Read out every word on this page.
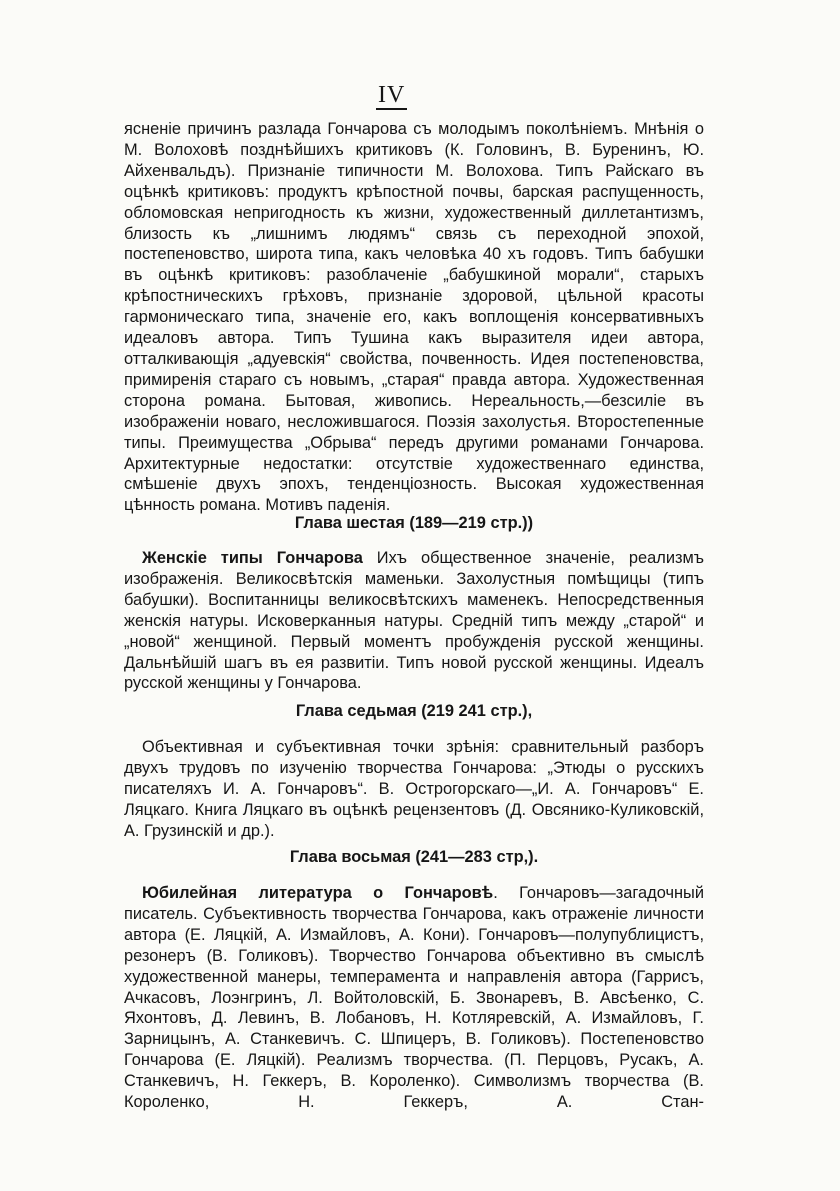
IV

ясненіе причинъ разлада Гончарова съ молодымъ поколѣніемъ. Мнѣнія о М. Волоховѣ позднѣйшихъ критиковъ (К. Головинъ, В. Буренинъ, Ю. Айхенвальдъ). Признаніе типичности М. Волохова. Типъ Райскаго въ оцѣнкѣ критиковъ: продуктъ крѣпостной почвы, барская распущенность, обломовская непригодность къ жизни, художественный диллетантизмъ, близость къ „лишнимъ людямъ“ связь съ переходной эпохой, постепеновство, широта типа, какъ человѣка 40 хъ годовъ. Типъ бабушки въ оцѣнкѣ критиковъ: разоблаченіе „бабушкиной морали“, старыхъ крѣпостническихъ грѣховъ, признаніе здоровой, цѣльной красоты гармоническаго типа, значеніе его, какъ воплощенія консервативныхъ идеаловъ автора. Типъ Тушина какъ выразителя идеи автора, отталкивающія „адуевскія“ свойства, почвенность. Идея постепеновства, примиренія стараго съ новымъ, „старая“ правда автора. Художественная сторона романа. Бытовая, живопись. Нереальность,—безсиліе въ изображеніи новаго, несложившагося. Поэзія захолустья. Второстепенные типы. Преимущества „Обрыва“ передъ другими романами Гончарова. Архитектурные недостатки: отсутствіе художественнаго единства, смѣшеніе двухъ эпохъ, тенденціозность. Высокая художественная цѣнность романа. Мотивъ паденія.

Глава шестая (189—219 стр.))

Женскіе типы Гончарова Ихъ общественное значеніе, реализмъ изображенія. Великосвѣтскія маменьки. Захолустныя помѣщицы (типъ бабушки). Воспитанницы великосвѣтскихъ маменекъ. Непосредственныя женскія натуры. Исковерканныя натуры. Средній типъ между „старой“ и „новой“ женщиной. Первый моментъ пробужденія русской женщины. Дальнѣйшій шагъ въ ея развитіи. Типъ новой русской женщины. Идеалъ русской женщины у Гончарова.

Глава седьмая (219 241 стр.),

Объективная и субъективная точки зрѣнія: сравнительный разборъ двухъ трудовъ по изученію творчества Гончарова: „Этюды о русскихъ писателяхъ И. А. Гончаровъ“. В. Острогорскаго—„И. А. Гончаровъ“ Е. Ляцкаго. Книга Ляцкаго въ оцѣнкѣ рецензентовъ (Д. Овсянико-Куликовскій, А. Грузинскій и др.).

Глава восьмая (241—283 стр,).

Юбилейная литература о Гончаровѣ. Гончаровъ—загадочный писатель. Субъективность творчества Гончарова, какъ отраженіе личности автора (Е. Ляцкій, А. Измайловъ, А. Кони). Гончаровъ—полупублицистъ, резонеръ (В. Голиковъ). Творчество Гончарова объективно въ смыслѣ художественной манеры, темперамента и направленія автора (Гаррисъ, Ачкасовъ, Лоэнгринъ, Л. Войтоловскій, Б. Звонаревъ, В. Авсѣенко, С. Яхонтовъ, Д. Левинъ, В. Лобановъ, Н. Котляревскій, А. Измайловъ, Г. Зарницынъ, А. Станкевичъ. С. Шпицеръ, В. Голиковъ). Постепеновство Гончарова (Е. Ляцкій). Реализмъ творчества. (П. Перцовъ, Русакъ, А. Станкевичъ, Н. Геккеръ, В. Короленко). Символизмъ творчества (В. Короленко, Н. Геккеръ, А. Стан-
